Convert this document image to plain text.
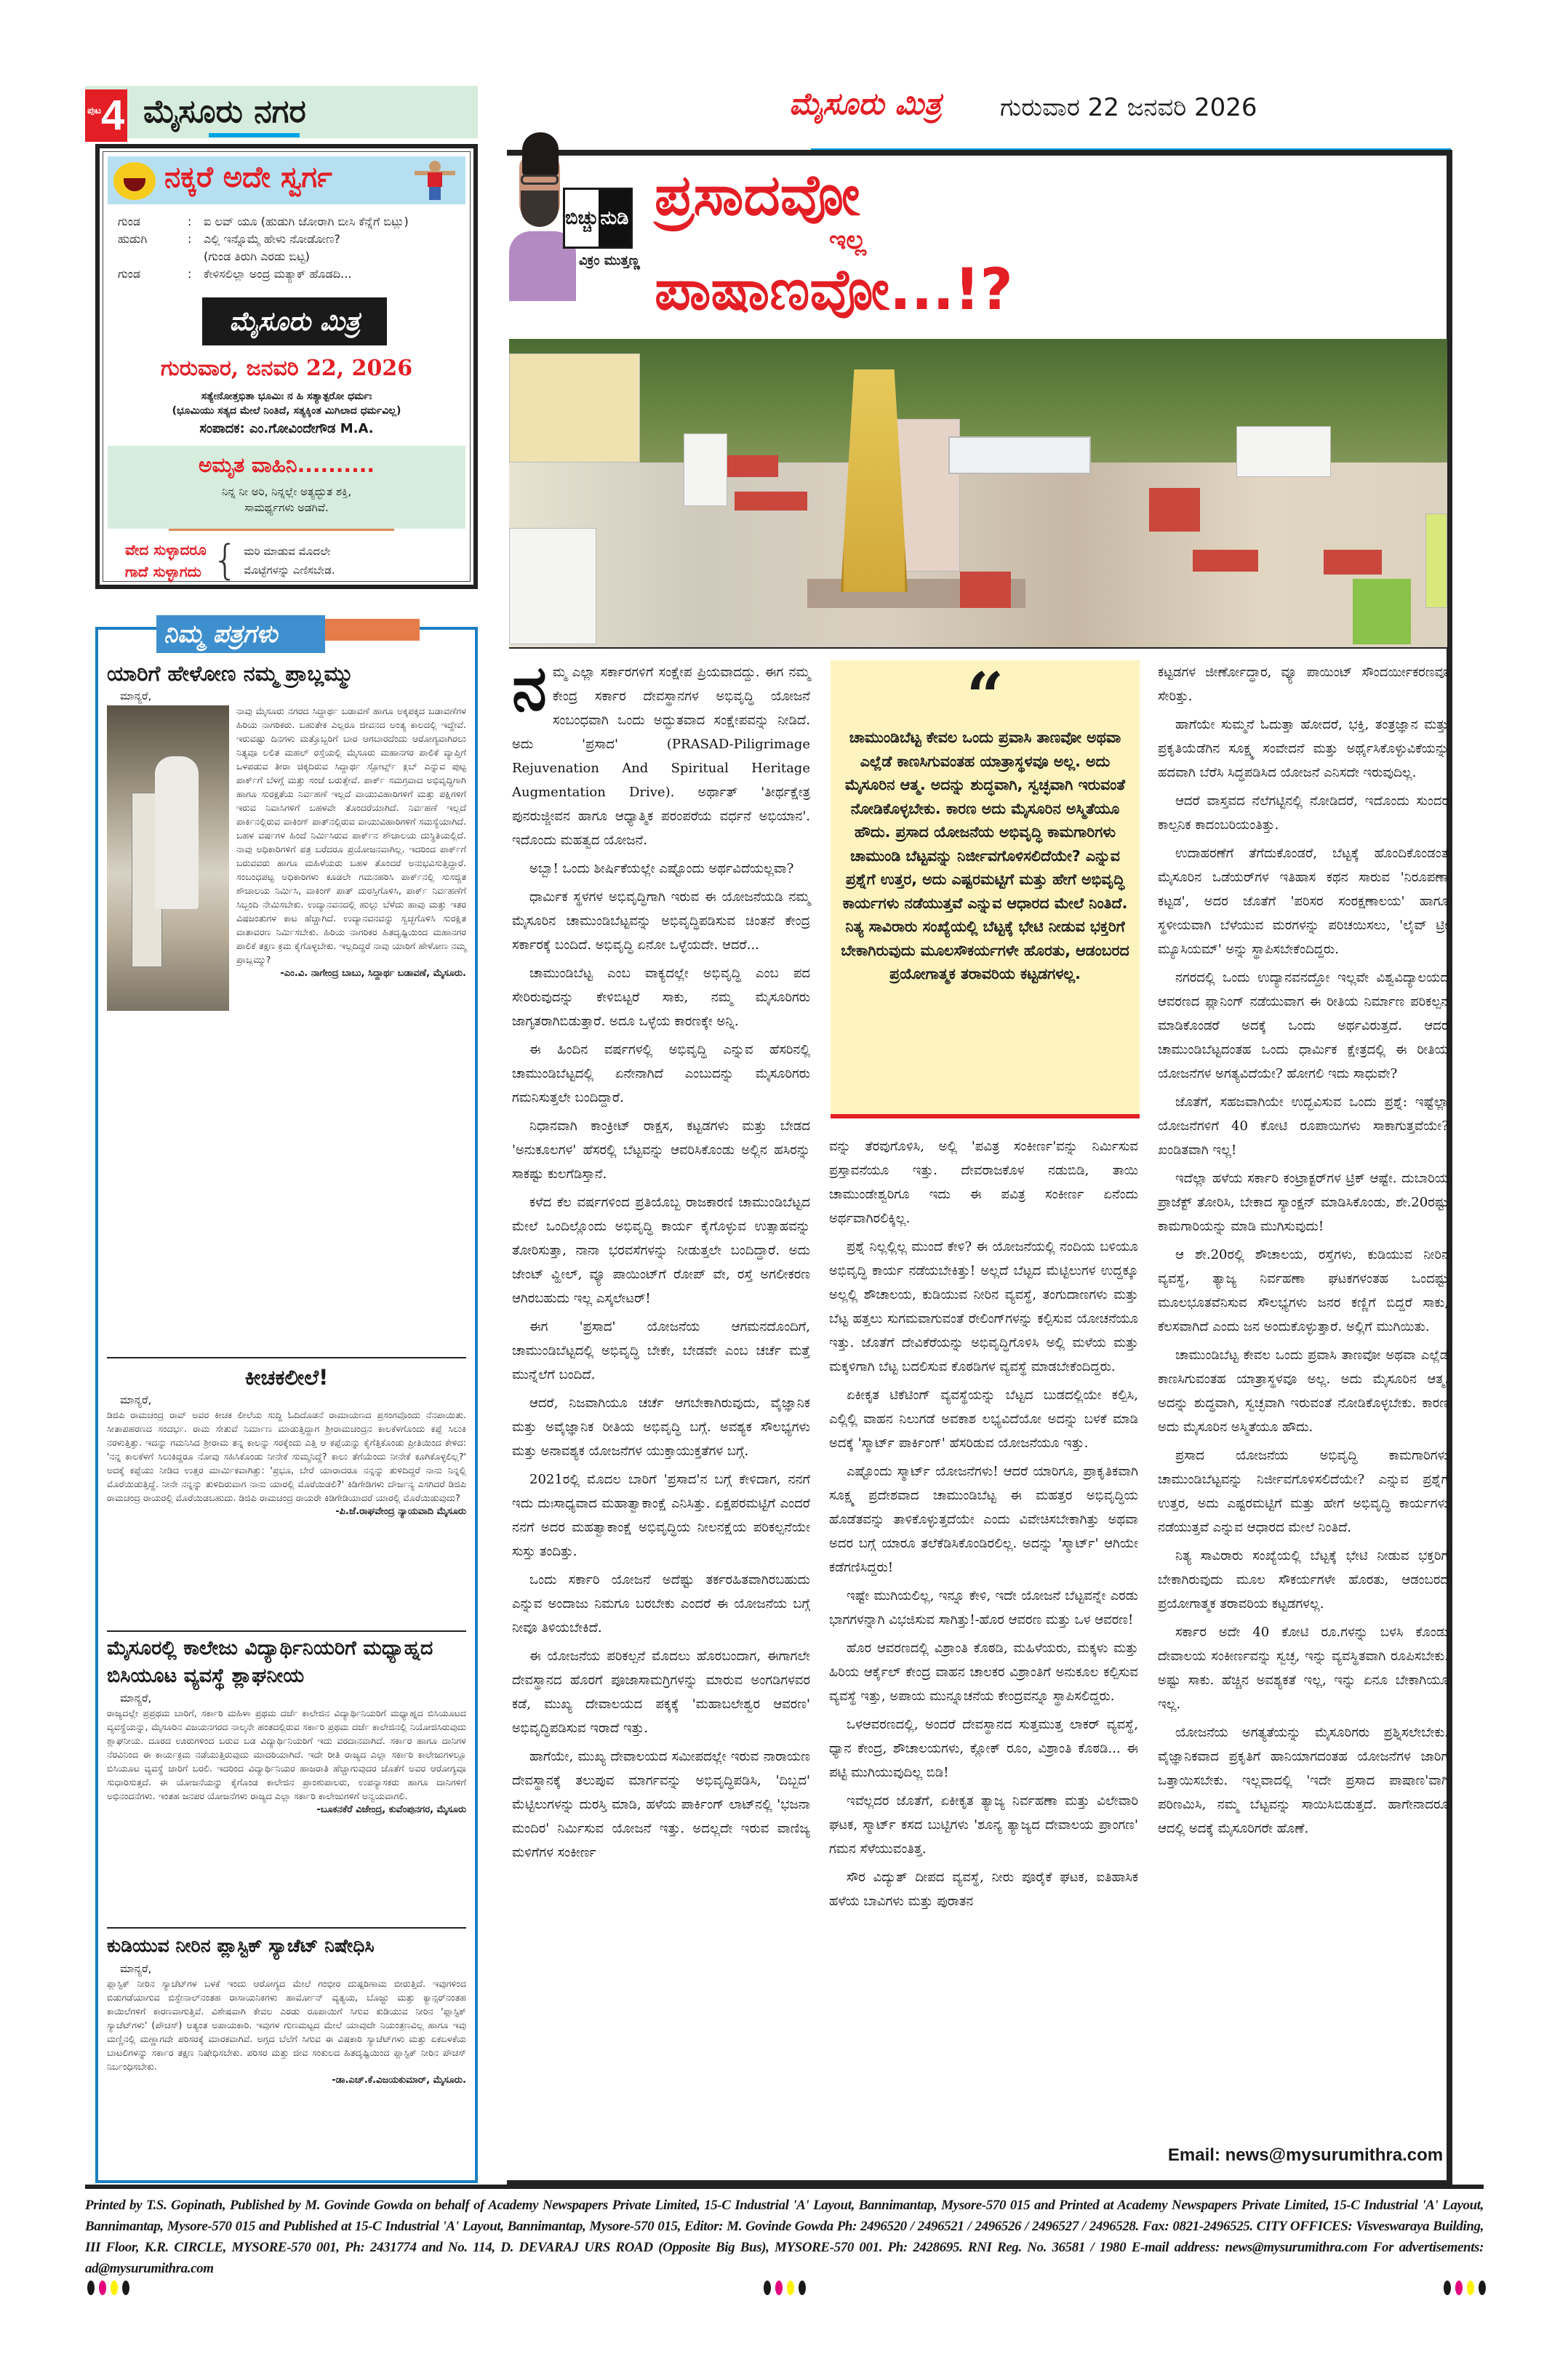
ಪುಟ 4 ಮೈಸೂರು ನಗರ	ಮೈಸೂರು ಮಿತ್ರ ಗುರುವಾರ 22 ಜನವರಿ 2026
ನಕ್ಕರೆ ಅದೇ ಸ್ವರ್ಗ
ಗುಂಡ	:	ಐ ಲವ್ ಯೂ (ಹುಡುಗಿ ಜೋರಾಗಿ ಬೀಸಿ ಕೆನ್ನೆಗೆ ಬಿಟ್ಲು)
ಹುಡುಗಿ	:	ಎಲ್ಲಿ ಇನ್ನೊಮ್ಮೆ ಹೇಳು ನೋಡೋಣ?
(ಗುಂಡ ತಿರುಗಿ ಎರಡು ಬಿಟ್ಟ)
ಗುಂಡ	:	ಕೇಳಿಸಲಿಲ್ಲಾ ಅಂದ್ರ ಮತ್ಯಾಕ್ ಹೊಡದಿ...
ಮೈಸೂರು ಮಿತ್ರ
ಗುರುವಾರ, ಜನವರಿ 22, 2026
ಸತ್ಯೇನೋತ್ತಭಿತಾ ಭೂಮಿಃ ನ ಹಿ ಸತ್ಯಾತ್ಪರೋ ಧರ್ಮಃ
(ಭೂಮಿಯು ಸತ್ಯದ ಮೇಲೆ ನಿಂತಿದೆ, ಸತ್ಯಕ್ಕಿಂತ ಮಿಗಿಲಾದ ಧರ್ಮವಿಲ್ಲ)
ಸಂಪಾದಕ: ಎಂ.ಗೋವಿಂದೇಗೌಡ M.A.
ಅಮೃತ ವಾಹಿನಿ..........
ನಿನ್ನ ನೀ ಅರಿ, ನಿನ್ನಲ್ಲೇ ಅತ್ಯದ್ಭುತ ಶಕ್ತಿ,
ಸಾಮರ್ಥ್ಯಗಳು ಅಡಗಿವೆ.
ವೇದ ಸುಳ್ಳಾದರೂ
ಗಾದೆ ಸುಳ್ಳಾಗದು { ಮರಿ ಮಾಡುವ ಮೊದಲೇ
ಮೊಟ್ಟೆಗಳನ್ನು ಎಣಿಸಬೇಡ.
ನಿಮ್ಮ ಪತ್ರಗಳು
ಯಾರಿಗೆ ಹೇಳೋಣ ನಮ್ಮ ಪ್ರಾಬ್ಲಮ್ಮು
ಮಾನ್ಯರೆ,
ನಾವು ಮೈಸೂರು ನಗರದ ಸಿದ್ದಾರ್ಥ ಬಡಾವಣೆ ಹಾಗೂ ಅಕ್ಕಪಕ್ಕದ ಬಡಾವಣೆಗಳ ಹಿರಿಯ ನಾಗರಿಕರು. ಬಹುತೇಕ ಎಲ್ಲರೂ ಜೀವನದ ಅಂತ್ಯ ಕಾಲದಲ್ಲಿ ಇದ್ದೇವೆ. ಇರುವಷ್ಟು ದಿನಗಳು ಮತ್ತೊಬ್ಬರಿಗೆ ಬಾರ ಆಗಬಾರದೆಂದು ಆರೋಗ್ಯವಾಗಿರಲು ನಿತ್ಯವೂ ಲಲಿತ ಮಹಲ್ ರಸ್ತೆಯಲ್ಲಿ ಮೈಸೂರು ಮಹಾನಗರ ಪಾಲಿಕೆ ವ್ಯಾಪ್ತಿಗೆ ಒಳಪಡುವ ತೀರಾ ಚಿಕ್ಕದಿರುವ ಸಿದ್ದಾರ್ಥ ಸ್ಪೋರ್ಟ್ಸ್ ಕ್ಲಬ್ ಎನ್ನುವ ಪುಟ್ಟ ಪಾರ್ಕ್‌ಗೆ ಬೆಳಗ್ಗೆ ಮತ್ತು ಸಂಜೆ ಬರುತ್ತೇವೆ. ಪಾರ್ಕ್ ಸಮಗ್ರವಾದ ಅಭಿವೃದ್ಧಿಗಾಗಿ ಹಾಗೂ ಸುರಕ್ಷತೆಯ ನಿರ್ವಹಣೆ ಇಲ್ಲದೆ ವಾಯುವಿಹಾರಿಗಳಿಗೆ ಮತ್ತು ಪಕ್ಷಿಗಳಿಗೆ ಇರುವ ನಿವಾಸಿಗಳಿಗೆ ಬಹಳವೇ ತೊಂದರೆಯಾಗಿದೆ. ನಿರ್ವಹಣೆ ಇಲ್ಲದೆ ಪಾರ್ಕಿನಲ್ಲಿರುವ ವಾಕಿಂಗ್ ಪಾತ್‌ನಲ್ಲಿರುವ ವಾಯುವಿಹಾರಿಗಳಿಗೆ ಸಮಸ್ಯೆಯಾಗಿದೆ. ಬಹಳ ವರ್ಷಗಳ ಹಿಂದೆ ನಿರ್ಮಿಸಿರುವ ಪಾರ್ಕ್‌ನ ಶೌಚಾಲಯ ದುಸ್ಥಿತಿಯಲ್ಲಿದೆ. ನಾವು ಅಧಿಕಾರಿಗಳಿಗೆ ಪತ್ರ ಬರೆದರೂ ಪ್ರಯೋಜನವಾಗಿಲ್ಲ. ಇದರಿಂದ ಪಾರ್ಕ್‌ಗೆ ಬರುವವರು ಹಾಗೂ ಮಹಿಳೆಯರು ಬಹಳ ತೊಂದರೆ ಅನುಭವಿಸುತ್ತಿದ್ದಾರೆ. ಸಂಬಂಧಪಟ್ಟ ಅಧಿಕಾರಿಗಳು ಕೂಡಲೇ ಗಮನಹರಿಸಿ ಪಾರ್ಕ್‌ನಲ್ಲಿ ಸುಸಜ್ಜಿತ ಶೌಚಾಲಯ ನಿರ್ಮಿಸಿ, ವಾಕಿಂಗ್ ಪಾತ್ ದುರಸ್ತಿಗೊಳಿಸಿ, ಪಾರ್ಕ್ ನಿರ್ವಹಣೆಗೆ ಸಿಬ್ಬಂದಿ ನೇಮಿಸಬೇಕು. ಉದ್ಯಾನವನದಲ್ಲಿ ಹುಲ್ಲು ಬೆಳೆದು ಹಾವು ಮತ್ತು ಇತರ ವಿಷಜಂತುಗಳ ಕಾಟ ಹೆಚ್ಚಾಗಿದೆ. ಉದ್ಯಾನವನವನ್ನು ಸ್ವಚ್ಛಗೊಳಿಸಿ ಸುರಕ್ಷಿತ ವಾತಾವರಣ ನಿರ್ಮಿಸಬೇಕು. ಹಿರಿಯ ನಾಗರಿಕರ ಹಿತದೃಷ್ಟಿಯಿಂದ ಮಹಾನಗರ ಪಾಲಿಕೆ ತಕ್ಷಣ ಕ್ರಮ ಕೈಗೊಳ್ಳಬೇಕು. ಇಲ್ಲದಿದ್ದರೆ ನಾವು ಯಾರಿಗೆ ಹೇಳೋಣ ನಮ್ಮ ಪ್ರಾಬ್ಲಮ್ಮು?
-ಎಂ.ವಿ. ನಾಗೇಂದ್ರ ಬಾಬು, ಸಿದ್ದಾರ್ಥ ಬಡಾವಣೆ, ಮೈಸೂರು.
ಕೀಚಕಲೀಲೆ!
ಮಾನ್ಯರೆ,
ಡಿಜಿಪಿ ರಾಮಚಂದ್ರ ರಾವ್ ಅವರ ಕೀಚಕ ಲೀಲೆಯ ಸುದ್ದಿ ಓದಿದೊಡನೆ ರಾಮಾಯಣದ ಪ್ರಸಂಗವೊಂದು ನೆನಪಾಯಿತು. ಸೀತಾಪಹರಣದ ಸಂದರ್ಭ. ರಾಮ ಸೇತುವೆ ನಿರ್ಮಾಣ ಮಾಡುತ್ತಿದ್ದಾಗ ಶ್ರೀರಾಮಚಂದ್ರನ ಕಾಲಕೆಳಗೊಂದು ಕಪ್ಪೆ ಸಿಲುಕಿ ನರಳುತ್ತಿತ್ತು. ಇದನ್ನು ಗಮನಿಸಿದ ಶ್ರೀರಾಮ ತನ್ನ ಕಾಲನ್ನು ಸರಕ್ಕೆಂದು ಎತ್ತಿ ಆ ಕಪ್ಪೆಯನ್ನು ಕೈಗೆತ್ತಿಕೊಂಡು ಪ್ರೀತಿಯಿಂದ ಕೇಳಿದ: 'ನನ್ನ ಕಾಲಕೆಳಗೆ ಸಿಲುಕಿದ್ದರೂ ನೋವು ಸಹಿಸಿಕೊಂಡು ನೀನೇಕೆ ಸುಮ್ಮನಿದ್ದೆ? ಕಾಲು ತೆಗೆಯೆಂದು ನೀನೇಕೆ ಕೂಗಿಕೊಳ್ಳಲಿಲ್ಲ?' ಅದಕ್ಕೆ ಕಪ್ಪೆಯು ನೀಡಿದ ಉತ್ತರ ಮಾರ್ಮಿಕವಾಗಿತ್ತು: 'ಪ್ರಭೂ, ಬೇರೆ ಯಾರಾದರೂ ನನ್ನನ್ನು ತುಳಿದಿದ್ದರೆ ನಾನು ನಿನ್ನಲ್ಲಿ ಮೊರೆಯಿಡುತ್ತಿದ್ದೆ. ನೀನೇ ನನ್ನನ್ನು ತುಳಿದಿರುವಾಗ ನಾನು ಯಾರಲ್ಲಿ ಮೊರೆಯಿಡಲಿ?' ಕಿಡಿಗೇಡಿಗಳು ದೌರ್ಜನ್ಯ ಎಸಗಿದರೆ ಡಿಜಿಪಿ ರಾಮಚಂದ್ರ ರಾಯರಲ್ಲಿ ಮೊರೆಯಿಡಬಹುದು. ಡಿಜಿಪಿ ರಾಮಚಂದ್ರ ರಾಯರೇ ಕಿಡಿಗೇಡಿಯಾದರೆ ಯಾರಲ್ಲಿ ಮೊರೆಯಿಡುವುದು?
-ಪಿ.ಜೆ.ರಾಘವೇಂದ್ರ ನ್ಯಾಯವಾದಿ ಮೈಸೂರು
ಮೈಸೂರಲ್ಲಿ ಕಾಲೇಜು ವಿದ್ಯಾರ್ಥಿನಿಯರಿಗೆ ಮಧ್ಯಾಹ್ನದ ಬಿಸಿಯೂಟ ವ್ಯವಸ್ಥೆ ಶ್ಲಾಘನೀಯ
ಮಾನ್ಯರೆ,
ರಾಜ್ಯದಲ್ಲೇ ಪ್ರಪ್ರಥಮ ಬಾರಿಗೆ, ಸರ್ಕಾರಿ ಮಹಿಳಾ ಪ್ರಥಮ ದರ್ಜೆ ಕಾಲೇಜಿನ ವಿದ್ಯಾರ್ಥಿನಿಯರಿಗೆ ಮಧ್ಯಾಹ್ನದ ಬಿಸಿಯೂಟದ ವ್ಯವಸ್ಥೆಯನ್ನು, ಮೈಸೂರಿನ ವಿಜಯನಗರದ ನಾಲ್ಕನೇ ಹಂತದಲ್ಲಿರುವ ಸರ್ಕಾರಿ ಪ್ರಥಮ ದರ್ಜೆ ಕಾಲೇಜಿನಲ್ಲಿ ನಿಯೋಜಿಸಿರುವುದು ಶ್ಲಾಘನೀಯ. ದೂರದ ಊರುಗಳಿಂದ ಬರುವ ಬಡ ವಿದ್ಯಾರ್ಥಿನಿಯರಿಗೆ ಇದು ವರದಾನವಾಗಿದೆ. ಸರ್ಕಾರ ಹಾಗೂ ದಾನಿಗಳ ನೆರವಿನಿಂದ ಈ ಕಾರ್ಯಕ್ರಮ ನಡೆಯುತ್ತಿರುವುದು ಮಾದರಿಯಾಗಿದೆ. ಇದೇ ರೀತಿ ರಾಜ್ಯದ ಎಲ್ಲಾ ಸರ್ಕಾರಿ ಕಾಲೇಜುಗಳಲ್ಲೂ ಬಿಸಿಯೂಟ ವ್ಯವಸ್ಥೆ ಜಾರಿಗೆ ಬರಲಿ. ಇದರಿಂದ ವಿದ್ಯಾರ್ಥಿನಿಯರ ಹಾಜರಾತಿ ಹೆಚ್ಚಾಗುವುದರ ಜೊತೆಗೆ ಅವರ ಆರೋಗ್ಯವೂ ಸುಧಾರಿಸುತ್ತದೆ. ಈ ಯೋಜನೆಯನ್ನು ಕೈಗೊಂಡ ಕಾಲೇಜಿನ ಪ್ರಾಂಶುಪಾಲರು, ಉಪನ್ಯಾಸಕರು ಹಾಗೂ ದಾನಿಗಳಿಗೆ ಅಭಿನಂದನೆಗಳು. ಇಂತಹ ಜನಪರ ಯೋಜನೆಗಳು ರಾಜ್ಯದ ಎಲ್ಲಾ ಸರ್ಕಾರಿ ಕಾಲೇಜುಗಳಿಗೆ ಅನ್ವಯವಾಗಲಿ.
-ಬೂಕನಕೆರೆ ವಿಜೇಂದ್ರ, ಕುವೆಂಪುನಗರ, ಮೈಸೂರು
ಕುಡಿಯುವ ನೀರಿನ ಪ್ಲಾಸ್ಟಿಕ್ ಸ್ಯಾಚೆಟ್ ನಿಷೇಧಿಸಿ
ಮಾನ್ಯರೆ,
ಪ್ಲಾಸ್ಟಿಕ್ ನೀರಿನ ಸ್ಯಾಚೆಟ್‌ಗಳ ಬಳಕೆ ಇಂದು ಆರೋಗ್ಯದ ಮೇಲೆ ಗಂಭೀರ ದುಷ್ಪರಿಣಾಮ ಬೀರುತ್ತಿದೆ. ಇವುಗಳಿಂದ ಬಿಡುಗಡೆಯಾಗುವ ಬಿಸ್ಫೇನಾಲ್‌ನಂತಹ ರಾಸಾಯನಿಕಗಳು ಹಾರ್ಮೋನ್ ವ್ಯತ್ಯಯ, ಬೊಜ್ಜು ಮತ್ತು ಕ್ಯಾನ್ಸರ್‌ನಂತಹ ಕಾಯಿಲೆಗಳಿಗೆ ಕಾರಣವಾಗುತ್ತಿವೆ. ವಿಶೇಷವಾಗಿ ಕೇವಲ ಎರಡು ರೂಪಾಯಿಗೆ ಸಿಗುವ ಕುಡಿಯುವ ನೀರಿನ 'ಪ್ಲಾಸ್ಟಿಕ್ ಸ್ಯಾಚೆಟ್‌ಗಳು' (ಪೌಚಸ್) ಅತ್ಯಂತ ಅಪಾಯಕಾರಿ. ಇವುಗಳ ಗುಣಮಟ್ಟದ ಮೇಲೆ ಯಾವುದೇ ನಿಯಂತ್ರಣವಿಲ್ಲ ಹಾಗೂ ಇವು ಮಣ್ಣಿನಲ್ಲಿ ಮಣ್ಣಾಗದೇ ಪರಿಸರಕ್ಕೆ ಮಾರಕವಾಗಿವೆ. ಅಗ್ಗದ ಬೆಲೆಗೆ ಸಿಗುವ ಈ ವಿಷಕಾರಿ ಸ್ಯಾಚೆಟ್‌ಗಳು ಮತ್ತು ಏಕಬಳಕೆಯ ಬಾಟಲಿಗಳನ್ನು ಸರ್ಕಾರ ತಕ್ಷಣ ನಿಷೇಧಿಸಬೇಕು. ಪರಿಸರ ಮತ್ತು ಜೀವ ಸಂಕುಲದ ಹಿತದೃಷ್ಟಿಯಿಂದ ಪ್ಲಾಸ್ಟಿಕ್ ನೀರಿನ ಪೌಚಸ್ ನಿರ್ಬಂಧಿಸಬೇಕು.
-ಡಾ.ಎಚ್.ಕೆ.ವಿಜಯಕುಮಾರ್, ಮೈಸೂರು.
ಬಿಚ್ಚು ನುಡಿ
ವಿಕ್ರಂ ಮುತ್ತಣ್ಣ
ಪ್ರಸಾದವೋ
ಇಲ್ಲ
ಪಾಷಾಣವೋ...!?

ನಮ್ಮ ಎಲ್ಲಾ ಸರ್ಕಾರಗಳಿಗೆ ಸಂಕ್ಷೇಪ ಪ್ರಿಯವಾದದ್ದು. ಈಗ ನಮ್ಮ ಕೇಂದ್ರ ಸರ್ಕಾರ ದೇವಸ್ಥಾನಗಳ ಅಭಿವೃದ್ಧಿ ಯೋಜನೆ ಸಂಬಂಧವಾಗಿ ಒಂದು ಅದ್ಭುತವಾದ ಸಂಕ್ಷೇಪವನ್ನು ನೀಡಿದೆ. ಅದು 'ಪ್ರಸಾದ' (PRASAD-Piligrimage Rejuvenation And Spiritual Heritage Augmentation Drive). ಅರ್ಥಾತ್ 'ತೀರ್ಥಕ್ಷೇತ್ರ ಪುನರುಜ್ಜೀವನ ಹಾಗೂ ಆಧ್ಯಾತ್ಮಿಕ ಪರಂಪರೆಯ ವರ್ಧನೆ ಅಭಿಯಾನ'. ಇದೊಂದು ಮಹತ್ವದ ಯೋಜನೆ.

ಅಬ್ಬಾ! ಒಂದು ಶೀರ್ಷಿಕೆಯಲ್ಲೇ ಎಷ್ಟೊಂದು ಅರ್ಥವಿದೆಯಲ್ಲವಾ?

ಧಾರ್ಮಿಕ ಸ್ಥಳಗಳ ಅಭಿವೃದ್ಧಿಗಾಗಿ ಇರುವ ಈ ಯೋಜನೆಯಡಿ ನಮ್ಮ ಮೈಸೂರಿನ ಚಾಮುಂಡಿಬೆಟ್ಟವನ್ನು ಅಭಿವೃದ್ಧಿಪಡಿಸುವ ಚಿಂತನೆ ಕೇಂದ್ರ ಸರ್ಕಾರಕ್ಕೆ ಬಂದಿದೆ. ಅಭಿವೃದ್ಧಿ ಏನೋ ಒಳ್ಳೆಯದೇ. ಆದರೆ...

ಚಾಮುಂಡಿಬೆಟ್ಟ ಎಂಬ ವಾಕ್ಯದಲ್ಲೇ ಅಭಿವೃದ್ಧಿ ಎಂಬ ಪದ ಸೇರಿರುವುದನ್ನು ಕೇಳಿಬಿಟ್ಟರೆ ಸಾಕು, ನಮ್ಮ ಮೈಸೂರಿಗರು ಜಾಗೃತರಾಗಿಬಿಡುತ್ತಾರೆ. ಅದೂ ಒಳ್ಳೆಯ ಕಾರಣಕ್ಕೇ ಅನ್ನಿ.

ಈ ಹಿಂದಿನ ವರ್ಷಗಳಲ್ಲಿ ಅಭಿವೃದ್ಧಿ ಎನ್ನುವ ಹೆಸರಿನಲ್ಲಿ ಚಾಮುಂಡಿಬೆಟ್ಟದಲ್ಲಿ ಏನೇನಾಗಿದೆ ಎಂಬುದನ್ನು ಮೈಸೂರಿಗರು ಗಮನಿಸುತ್ತಲೇ ಬಂದಿದ್ದಾರೆ.

ನಿಧಾನವಾಗಿ ಕಾಂಕ್ರೀಟ್ ರಾಕ್ಷಸ, ಕಟ್ಟಡಗಳು ಮತ್ತು ಬೇಡದ 'ಅನುಕೂಲಗಳ' ಹೆಸರಲ್ಲಿ ಬೆಟ್ಟವನ್ನು ಆವರಿಸಿಕೊಂಡು ಅಲ್ಲಿನ ಹಸಿರನ್ನು ಸಾಕಷ್ಟು ಕುಲಗೆಡಿಸ್ತಾನೆ.

ಕಳೆದ ಕೆಲ ವರ್ಷಗಳಿಂದ ಪ್ರತಿಯೊಬ್ಬ ರಾಜಕಾರಣಿ ಚಾಮುಂಡಿಬೆಟ್ಟದ ಮೇಲೆ ಒಂದಿಲ್ಲೊಂದು ಅಭಿವೃದ್ಧಿ ಕಾರ್ಯ ಕೈಗೊಳ್ಳುವ ಉತ್ಸಾಹವನ್ನು ತೋರಿಸುತ್ತಾ, ನಾನಾ ಭರವಸೆಗಳನ್ನು ನೀಡುತ್ತಲೇ ಬಂದಿದ್ದಾರೆ. ಅದು ಜೇಂಟ್ ವ್ಹೀಲ್, ವ್ಯೂ ಪಾಯಿಂಟ್‌ಗೆ ರೋಪ್ ವೇ, ರಸ್ತೆ ಅಗಲೀಕರಣ ಆಗಿರಬಹುದು ಇಲ್ಲ ಎಸ್ಕಲೇಟರ್!

ಈಗ 'ಪ್ರಸಾದ' ಯೋಜನೆಯ ಆಗಮನದೊಂದಿಗೆ, ಚಾಮುಂಡಿಬೆಟ್ಟದಲ್ಲಿ ಅಭಿವೃದ್ಧಿ ಬೇಕೇ, ಬೇಡವೇ ಎಂಬ ಚರ್ಚೆ ಮತ್ತೆ ಮುನ್ನೆಲೆಗೆ ಬಂದಿದೆ.

ಆದರೆ, ನಿಜವಾಗಿಯೂ ಚರ್ಚೆ ಆಗಬೇಕಾಗಿರುವುದು, ವೈಜ್ಞಾನಿಕ ಮತ್ತು ಅವೈಜ್ಞಾನಿಕ ರೀತಿಯ ಅಭಿವೃದ್ಧಿ ಬಗ್ಗೆ. ಅವಶ್ಯಕ ಸೌಲಭ್ಯಗಳು ಮತ್ತು ಅನಾವಶ್ಯಕ ಯೋಜನೆಗಳ ಯುಕ್ತಾಯುಕ್ತತೆಗಳ ಬಗ್ಗೆ.

2021ರಲ್ಲಿ ಮೊದಲ ಬಾರಿಗೆ 'ಪ್ರಸಾದ'ನ ಬಗ್ಗೆ ಕೇಳಿದಾಗ, ನನಗೆ ಇದು ದುಃಸಾಧ್ಯವಾದ ಮಹಾತ್ವಾಕಾಂಕ್ಷೆ ಎನಿಸಿತ್ತು. ಏಕ್ಷಪರಮಟ್ಟಿಗೆ ಎಂದರೆ ನನಗೆ ಅದರ ಮಹತ್ವಾಕಾಂಕ್ಷೆ ಅಭಿವೃದ್ಧಿಯ ನೀಲನಕ್ಷೆಯ ಪರಿಕಲ್ಪನೆಯೇ ಸುಸ್ತು ತಂದಿತ್ತು.

ಒಂದು ಸರ್ಕಾರಿ ಯೋಜನೆ ಅದೆಷ್ಟು ತರ್ಕರಹಿತವಾಗಿರಬಹುದು ಎನ್ನುವ ಅಂದಾಜು ನಿಮಗೂ ಬರಬೇಕು ಎಂದರೆ ಈ ಯೋಜನೆಯ ಬಗ್ಗೆ ನೀವೂ ತಿಳಿಯಬೇಕಿದೆ.

ಈ ಯೋಜನೆಯ ಪರಿಕಲ್ಪನೆ ಮೊದಲು ಹೊರಬಂದಾಗ, ಈಗಾಗಲೇ ದೇವಸ್ಥಾನದ ಹೊರಗೆ ಪೂಜಾಸಾಮಗ್ರಿಗಳನ್ನು ಮಾರುವ ಅಂಗಡಿಗಳವರ ಕಡೆ, ಮುಖ್ಯ ದೇವಾಲಯದ ಪಕ್ಕಕ್ಕೆ 'ಮಹಾಬಲೇಶ್ವರ ಆವರಣ' ಅಭಿವೃದ್ಧಿಪಡಿಸುವ ಇರಾದೆ ಇತ್ತು.

ಹಾಗೆಯೇ, ಮುಖ್ಯ ದೇವಾಲಯದ ಸಮೀಪದಲ್ಲೇ ಇರುವ ನಾರಾಯಣ ದೇವಸ್ಥಾನಕ್ಕೆ ತಲುಪುವ ಮಾರ್ಗವನ್ನು ಅಭಿವೃದ್ಧಿಪಡಿಸಿ, 'ದಿಬ್ಬದ' ಮೆಟ್ಟಿಲುಗಳನ್ನು ದುರಸ್ತಿ ಮಾಡಿ, ಹಳೆಯ ಪಾರ್ಕಿಂಗ್ ಲಾಟ್‌ನಲ್ಲಿ 'ಭಜನಾ ಮಂದಿರ' ನಿರ್ಮಿಸುವ ಯೋಜನೆ ಇತ್ತು. ಅದಲ್ಲದೇ ಇರುವ ವಾಣಿಜ್ಯ ಮಳಿಗೆಗಳ ಸಂಕೀರ್ಣ

“
ಚಾಮುಂಡಿಬೆಟ್ಟ ಕೇವಲ ಒಂದು ಪ್ರವಾಸಿ ತಾಣವೋ ಅಥವಾ ಎಲ್ಲೆಡೆ ಕಾಣಸಿಗುವಂತಹ ಯಾತ್ರಾಸ್ಥಳವೂ ಅಲ್ಲ. ಅದು ಮೈಸೂರಿನ ಆತ್ಮ. ಅದನ್ನು ಶುದ್ಧವಾಗಿ, ಸ್ವಚ್ಛವಾಗಿ ಇರುವಂತೆ ನೋಡಿಕೊಳ್ಳಬೇಕು. ಕಾರಣ ಅದು ಮೈಸೂರಿನ ಅಸ್ಮಿತೆಯೂ ಹೌದು. ಪ್ರಸಾದ ಯೋಜನೆಯ ಅಭಿವೃದ್ಧಿ ಕಾಮಗಾರಿಗಳು ಚಾಮುಂಡಿ ಬೆಟ್ಟವನ್ನು ನಿರ್ಜೀವಗೊಳಿಸಲಿದೆಯೇ? ಎನ್ನುವ ಪ್ರಶ್ನೆಗೆ ಉತ್ತರ, ಅದು ಎಷ್ಟರಮಟ್ಟಿಗೆ ಮತ್ತು ಹೇಗೆ ಅಭಿವೃದ್ಧಿ ಕಾರ್ಯಗಳು ನಡೆಯುತ್ತವೆ ಎನ್ನುವ ಆಧಾರದ ಮೇಲೆ ನಿಂತಿದೆ. ನಿತ್ಯ ಸಾವಿರಾರು ಸಂಖ್ಯೆಯಲ್ಲಿ ಬೆಟ್ಟಕ್ಕೆ ಭೇಟಿ ನೀಡುವ ಭಕ್ತರಿಗೆ ಬೇಕಾಗಿರುವುದು ಮೂಲಸೌಕರ್ಯಗಳೇ ಹೊರತು, ಆಡಂಬರದ ಪ್ರಯೋಗಾತ್ಮಕ ತರಾವರಿಯ ಕಟ್ಟಡಗಳಲ್ಲ.

ವನ್ನು ತೆರವುಗೊಳಿಸಿ, ಅಲ್ಲಿ 'ಪವಿತ್ರ ಸಂಕೀರ್ಣ'ವನ್ನು ನಿರ್ಮಿಸುವ ಪ್ರಸ್ತಾವನೆಯೂ ಇತ್ತು. ದೇವರಾಜಕೊಳ ನಡುಬಿಡಿ, ತಾಯಿ ಚಾಮುಂಡೇಶ್ವರಿಗೂ ಇದು ಈ ಪವಿತ್ರ ಸಂಕೀರ್ಣ ಏನೆಂದು ಅರ್ಥವಾಗಿರಲಿಕ್ಕಿಲ್ಲ.

ಪ್ರಶ್ನೆ ನಿಲ್ಲಲ್ಲಿಲ್ಲ ಮುಂದೆ ಕೇಳಿ? ಈ ಯೋಜನೆಯಲ್ಲಿ ನಂದಿಯ ಬಳಿಯೂ ಅಭಿವೃದ್ಧಿ ಕಾರ್ಯ ನಡೆಯಬೇಕಿತ್ತು! ಅಲ್ಲದೆ ಬೆಟ್ಟದ ಮೆಟ್ಟಿಲುಗಳ ಉದ್ದಕ್ಕೂ ಅಲ್ಲಲ್ಲಿ ಶೌಚಾಲಯ, ಕುಡಿಯುವ ನೀರಿನ ವ್ಯವಸ್ಥೆ, ತಂಗುದಾಣಗಳು ಮತ್ತು ಬೆಟ್ಟ ಹತ್ತಲು ಸುಗಮವಾಗುವಂತೆ ರೇಲಿಂಗ್‌ಗಳನ್ನು ಕಲ್ಪಿಸುವ ಯೋಚನೆಯೂ ಇತ್ತು. ಜೊತೆಗೆ ದೇವಿಕೆರೆಯನ್ನು ಅಭಿವೃದ್ಧಿಗೊಳಿಸಿ ಅಲ್ಲಿ ಮಳೆಯ ಮತ್ತು ಮಕ್ಕಳಿಗಾಗಿ ಬೆಟ್ಟ ಬದಲಿಸುವ ಕೊಠಡಿಗಳ ವ್ಯವಸ್ಥೆ ಮಾಡಬೇಕೆಂದಿದ್ದರು.

ಏಕೀಕೃತ ಟಿಕೆಟಿಂಗ್ ವ್ಯವಸ್ಥೆಯನ್ನು ಬೆಟ್ಟದ ಬುಡದಲ್ಲಿಯೇ ಕಲ್ಪಿಸಿ, ಎಲ್ಲಿಲ್ಲಿ ವಾಹನ ನಿಲುಗಡೆ ಅವಕಾಶ ಲಭ್ಯವಿದೆಯೋ ಅದನ್ನು ಬಳಕೆ ಮಾಡಿ ಅದಕ್ಕೆ 'ಸ್ಮಾರ್ಟ್ ಪಾರ್ಕಿಂಗ್' ಹೆಸರಿಡುವ ಯೋಜನೆಯೂ ಇತ್ತು.

ಎಷ್ಟೊಂದು ಸ್ಮಾರ್ಟ್ ಯೋಜನೆಗಳು! ಆದರೆ ಯಾರಿಗೂ, ಪ್ರಾಕೃತಿಕವಾಗಿ ಸೂಕ್ಷ್ಮ ಪ್ರದೇಶವಾದ ಚಾಮುಂಡಿಬೆಟ್ಟ ಈ ಮಹತ್ತರ ಅಭಿವೃದ್ಧಿಯ ಹೊಡೆತವನ್ನು ತಾಳಿಕೊಳ್ಳುತ್ತದೆಯೇ ಎಂದು ವಿವೇಚಿಸಬೇಕಾಗಿತ್ತು ಅಥವಾ ಅದರ ಬಗ್ಗೆ ಯಾರೂ ತಲೆಕೆಡಿಸಿಕೊಂಡಿರಲಿಲ್ಲ. ಅದನ್ನು 'ಸ್ಮಾರ್ಟ್' ಆಗಿಯೇ ಕಡೆಗಣಿಸಿದ್ದರು!

ಇಷ್ಟೇ ಮುಗಿಯಲಿಲ್ಲ, ಇನ್ನೂ ಕೇಳಿ, ಇದೇ ಯೋಜನೆ ಬೆಟ್ಟವನ್ನೇ ಎರಡು ಭಾಗಗಳನ್ನಾಗಿ ವಿಭಜಿಸುವ ಸಾಗಿತ್ತು!-ಹೊರ ಆವರಣ ಮತ್ತು ಒಳ ಆವರಣ!

ಹೊರ ಆವರಣದಲ್ಲಿ ವಿಶ್ರಾಂತಿ ಕೊಠಡಿ, ಮಹಿಳೆಯರು, ಮಕ್ಕಳು ಮತ್ತು ಹಿರಿಯ ಆರ್ಕೈಲ್ ಕೇಂದ್ರ ವಾಹನ ಚಾಲಕರ ವಿಶ್ರಾಂತಿಗೆ ಅನುಕೂಲ ಕಲ್ಪಿಸುವ ವ್ಯವಸ್ಥೆ ಇತ್ತು, ಅಪಾಯ ಮುನ್ನೂಚನೆಯ ಕೇಂದ್ರವನ್ನೂ ಸ್ಥಾಪಿಸಲಿದ್ದರು.

ಒಳಆವರಣದಲ್ಲಿ, ಅಂದರೆ ದೇವಸ್ಥಾನದ ಸುತ್ತಮುತ್ತ ಲಾಕರ್ ವ್ಯವಸ್ಥೆ, ಧ್ಯಾನ ಕೇಂದ್ರ, ಶೌಚಾಲಯಗಳು, ಕ್ಲೋಕ್ ರೂಂ, ವಿಶ್ರಾಂತಿ ಕೊಠಡಿ... ಈ ಪಟ್ಟಿ ಮುಗಿಯುವುದಿಲ್ಲ ಬಿಡಿ!

ಇವೆಲ್ಲದರ ಜೊತೆಗೆ, ಏಕೀಕೃತ ತ್ಯಾಜ್ಯ ನಿರ್ವಹಣಾ ಮತ್ತು ವಿಲೇವಾರಿ ಘಟಕ, ಸ್ಮಾರ್ಟ್ ಕಸದ ಬುಟ್ಟಿಗಳು 'ಶೂನ್ಯ ತ್ಯಾಜ್ಯದ ದೇವಾಲಯ ಪ್ರಾಂಗಣ' ಗಮನ ಸೆಳೆಯುವಂತಿತ್ತ.

ಸೌರ ವಿದ್ಯುತ್ ದೀಪದ ವ್ಯವಸ್ಥೆ, ನೀರು ಪೂರೈಕೆ ಘಟಕ, ಐತಿಹಾಸಿಕ ಹಳೆಯ ಬಾವಿಗಳು ಮತ್ತು ಪುರಾತನ

ಕಟ್ಟಡಗಳ ಜೀರ್ಣೋದ್ಧಾರ, ವ್ಯೂ ಪಾಯಿಂಟ್ ಸೌಂದರ್ಯೀಕರಣವೂ ಸೇರಿತ್ತು.

ಹಾಗೆಯೇ ಸುಮ್ಮನೆ ಓದುತ್ತಾ ಹೋದರೆ, ಭಕ್ತಿ, ತಂತ್ರಜ್ಞಾನ ಮತ್ತು ಪ್ರಕೃತಿಯೆಡೆಗಿನ ಸೂಕ್ಷ್ಮ ಸಂವೇದನೆ ಮತ್ತು ಅರ್ಥೈಸಿಕೊಳ್ಳುವಿಕೆಯನ್ನು ಹದವಾಗಿ ಬೆರೆಸಿ ಸಿದ್ಧಪಡಿಸಿದ ಯೋಜನೆ ಎನಿಸದೇ ಇರುವುದಿಲ್ಲ.

ಆದರೆ ವಾಸ್ತವದ ನೆಲೆಗಟ್ಟಿನಲ್ಲಿ ನೋಡಿದರೆ, ಇದೊಂದು ಸುಂದರ ಕಾಲ್ಪನಿಕ ಕಾದಂಬರಿಯಂತಿತ್ತು.

ಉದಾಹರಣೆಗೆ ತೆಗೆದುಕೊಂಡರೆ, ಬೆಟ್ಟಕ್ಕೆ ಹೊಂದಿಕೊಂಡಂತೆ ಮೈಸೂರಿನ ಒಡೆಯರ್‌ಗಳ ಇತಿಹಾಸ ಕಥನ ಸಾರುವ 'ನಿರೂಪಣಾ ಕಟ್ಟಡ', ಅದರ ಜೊತೆಗೆ 'ಪರಿಸರ ಸಂರಕ್ಷಣಾಲಯ' ಹಾಗೂ ಸ್ಥಳೀಯವಾಗಿ ಬೆಳೆಯುವ ಮರಗಳನ್ನು ಪರಿಚಯಿಸಲು, 'ಲೈವ್ ಟ್ರೀ ಮ್ಯೂಸಿಯಮ್' ಅನ್ನು ಸ್ಥಾಪಿಸಬೇಕೆಂದಿದ್ದರು.

ನಗರದಲ್ಲಿ ಒಂದು ಉದ್ಯಾನವನದ್ದೋ ಇಲ್ಲವೇ ವಿಶ್ವವಿದ್ಯಾಲಯದ ಆವರಣದ ಪ್ಲಾನಿಂಗ್ ನಡೆಯುವಾಗ ಈ ರೀತಿಯ ನಿರ್ಮಾಣ ಪರಿಕಲ್ಪನೆ ಮಾಡಿಕೊಂಡರೆ ಅದಕ್ಕೆ ಒಂದು ಅರ್ಥವಿರುತ್ತದೆ. ಆದರೆ ಚಾಮುಂಡಿಬೆಟ್ಟದಂತಹ ಒಂದು ಧಾರ್ಮಿಕ ಕ್ಷೇತ್ರದಲ್ಲಿ ಈ ರೀತಿಯ ಯೋಜನೆಗಳ ಅಗತ್ಯವಿದೆಯೇ? ಹೋಗಲಿ ಇದು ಸಾಧುವೇ?

ಜೊತೆಗೆ, ಸಹಜವಾಗಿಯೇ ಉದ್ಭವಿಸುವ ಒಂದು ಪ್ರಶ್ನೆ: ಇಷ್ಟೆಲ್ಲಾ ಯೋಜನೆಗಳಿಗೆ 40 ಕೋಟಿ ರೂಪಾಯಿಗಳು ಸಾಕಾಗುತ್ತವೆಯೇ? ಖಂಡಿತವಾಗಿ ಇಲ್ಲ!

ಇದೆಲ್ಲಾ ಹಳೆಯ ಸರ್ಕಾರಿ ಕಂಟ್ರಾಕ್ಟರ್‌ಗಳ ಟ್ರಿಕ್ ಆಷ್ಟೇ. ದುಬಾರಿಯ ಪ್ರಾಜೆಕ್ಟ್ ತೋರಿಸಿ, ಬೇಕಾದ ಸ್ಯಾಂಕ್ಷನ್ ಮಾಡಿಸಿಕೊಂಡು, ಶೇ.20ರಷ್ಟು ಕಾಮಗಾರಿಯನ್ನು ಮಾಡಿ ಮುಗಿಸುವುದು!

ಆ ಶೇ.20ರಲ್ಲಿ ಶೌಚಾಲಯ, ರಸ್ತೆಗಳು, ಕುಡಿಯುವ ನೀರಿನ ವ್ಯವಸ್ಥೆ, ತ್ಯಾಜ್ಯ ನಿರ್ವಹಣಾ ಘಟಕಗಳಂತಹ ಒಂದಷ್ಟು ಮೂಲಭೂತವೆನಿಸುವ ಸೌಲಭ್ಯಗಳು ಜನರ ಕಣ್ಣಿಗೆ ಬಿದ್ದರೆ ಸಾಕು, ಕೆಲಸವಾಗಿದೆ ಎಂದು ಜನ ಅಂದುಕೊಳ್ಳುತ್ತಾರೆ. ಅಲ್ಲಿಗೆ ಮುಗಿಯಿತು.

ಚಾಮುಂಡಿಬೆಟ್ಟ ಕೇವಲ ಒಂದು ಪ್ರವಾಸಿ ತಾಣವೋ ಅಥವಾ ಎಲ್ಲೆಡೆ ಕಾಣಸಿಗುವಂತಹ ಯಾತ್ರಾಸ್ಥಳವೂ ಅಲ್ಲ. ಅದು ಮೈಸೂರಿನ ಆತ್ಮ. ಅದನ್ನು ಶುದ್ಧವಾಗಿ, ಸ್ವಚ್ಛವಾಗಿ ಇರುವಂತೆ ನೋಡಿಕೊಳ್ಳಬೇಕು. ಕಾರಣ ಅದು ಮೈಸೂರಿನ ಅಸ್ಮಿತೆಯೂ ಹೌದು.

ಪ್ರಸಾದ ಯೋಜನೆಯ ಅಭಿವೃದ್ಧಿ ಕಾಮಗಾರಿಗಳು ಚಾಮುಂಡಿಬೆಟ್ಟವನ್ನು ನಿರ್ಜೀವಗೊಳಿಸಲಿದೆಯೇ? ಎನ್ನುವ ಪ್ರಶ್ನೆಗೆ ಉತ್ತರ, ಅದು ಎಷ್ಟರಮಟ್ಟಿಗೆ ಮತ್ತು ಹೇಗೆ ಅಭಿವೃದ್ಧಿ ಕಾರ್ಯಗಳು ನಡೆಯುತ್ತವೆ ಎನ್ನುವ ಆಧಾರದ ಮೇಲೆ ನಿಂತಿದೆ.

ನಿತ್ಯ ಸಾವಿರಾರು ಸಂಖ್ಯೆಯಲ್ಲಿ ಬೆಟ್ಟಕ್ಕೆ ಭೇಟಿ ನೀಡುವ ಭಕ್ತರಿಗೆ ಬೇಕಾಗಿರುವುದು ಮೂಲ ಸೌಕರ್ಯಗಳೇ ಹೊರತು, ಆಡಂಬರದ ಪ್ರಯೋಗಾತ್ಮಕ ತರಾವರಿಯ ಕಟ್ಟಡಗಳಲ್ಲ.

ಸರ್ಕಾರ ಅದೇ 40 ಕೋಟಿ ರೂ.ಗಳನ್ನು ಬಳಸಿ ಕೊಂಡು ದೇವಾಲಯ ಸಂಕೀರ್ಣವನ್ನು ಸ್ವಚ್ಛ, ಇನ್ನು ವ್ಯವಸ್ಥಿತವಾಗಿ ರೂಪಿಸಬೇಕು. ಅಷ್ಟು ಸಾಕು. ಹೆಚ್ಚಿನ ಅವಶ್ಯಕತೆ ಇಲ್ಲ, ಇನ್ನು ಏನೂ ಬೇಕಾಗಿಯೂ ಇಲ್ಲ.

ಯೋಜನೆಯ ಅಗತ್ಯತೆಯನ್ನು ಮೈಸೂರಿಗರು ಪ್ರಶ್ನಿಸಲೇಬೇಕು. ವೈಜ್ಞಾನಿಕವಾದ ಪ್ರಕೃತಿಗೆ ಹಾನಿಯಾಗದಂತಹ ಯೋಜನೆಗಳ ಜಾರಿಗೆ ಒತ್ತಾಯಿಸಬೇಕು. ಇಲ್ಲವಾದಲ್ಲಿ 'ಇದೇ ಪ್ರಸಾದ ಪಾಷಾಣ'ವಾಗಿ ಪರಿಣಮಿಸಿ, ನಮ್ಮ ಬೆಟ್ಟವನ್ನು ಸಾಯಿಸಿಬಿಡುತ್ತದೆ. ಹಾಗೇನಾದರೂ ಆದಲ್ಲಿ ಅದಕ್ಕೆ ಮೈಸೂರಿಗರೇ ಹೊಣೆ.

Email: news@mysurumithra.com
Printed by T.S. Gopinath, Published by M. Govinde Gowda on behalf of Academy Newspapers Private Limited, 15-C Industrial 'A' Layout, Bannimantap, Mysore-570 015 and Printed at Academy Newspapers Private Limited, 15-C Industrial 'A' Layout, Bannimantap, Mysore-570 015 and Published at 15-C Industrial 'A' Layout, Bannimantap, Mysore-570 015, Editor: M. Govinde Gowda Ph: 2496520 / 2496521 / 2496526 / 2496527 / 2496528. Fax: 0821-2496525. CITY OFFICES: Visveswaraya Building, III Floor, K.R. CIRCLE, MYSORE-570 001, Ph: 2431774 and No. 114, D. DEVARAJ URS ROAD (Opposite Big Bus), MYSORE-570 001. Ph: 2428695. RNI Reg. No. 36581 / 1980 E-mail address: news@mysurumithra.com For advertisements: ad@mysurumithra.com
